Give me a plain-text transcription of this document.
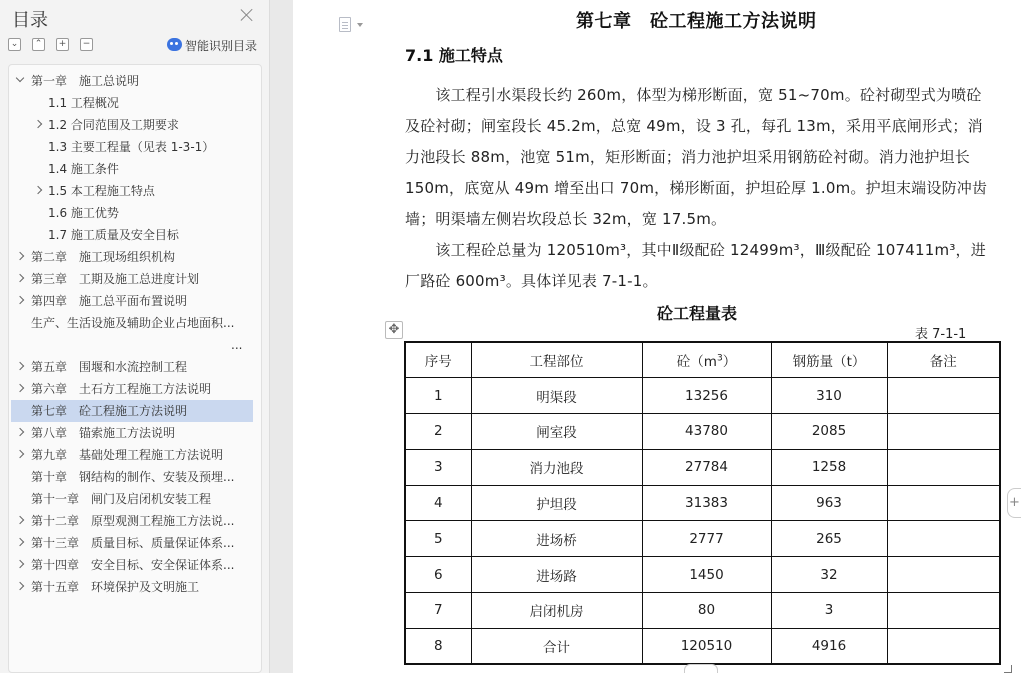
目录
⌄	⌃	+	−	智能识别目录
第一章　施工总说明
1.1 工程概况
1.2 合同范围及工期要求
1.3 主要工程量（见表 1-3-1）
1.4 施工条件
1.5 本工程施工特点
1.6 施工优势
1.7 施工质量及安全目标
第二章　施工现场组织机构
第三章　工期及施工总进度计划
第四章　施工总平面布置说明
生产、生活设施及辅助企业占地面积...
...
第五章　围堰和水流控制工程
第六章　土石方工程施工方法说明
第七章　砼工程施工方法说明
第八章　锚索施工方法说明
第九章　基础处理工程施工方法说明
第十章　钢结构的制作、安装及预埋...
第十一章　闸门及启闭机安装工程
第十二章　原型观测工程施工方法说...
第十三章　质量目标、质量保证体系...
第十四章　安全目标、安全保证体系...
第十五章　环境保护及文明施工
第七章　砼工程施工方法说明
7.1 施工特点
　　该工程引水渠段长约 260m，体型为梯形断面，宽 51~70m。砼衬砌型式为喷砼
及砼衬砌；闸室段长 45.2m，总宽 49m，设 3 孔，每孔 13m，采用平底闸形式；消
力池段长 88m，池宽 51m，矩形断面；消力池护坦采用钢筋砼衬砌。消力池护坦长
150m，底宽从 49m 增至出口 70m，梯形断面，护坦砼厚 1.0m。护坦末端设防冲齿
墙；明渠墙左侧岩坎段总长 32m，宽 17.5m。
　　该工程砼总量为 120510m³，其中Ⅱ级配砼 12499m³，Ⅲ级配砼 107411m³，进
厂路砼 600m³。具体详见表 7-1-1。
砼工程量表
表 7-1-1
✥
序号	工程部位	砼$(m^3)$	钢筋量（t）	备注
1	明渠段	13256	310	
2	闸室段	43780	2085	
3	消力池段	27784	1258	
4	护坦段	31383	963	
5	进场桥	2777	265	
6	进场路	1450	32	
7	启闭机房	80	3	
8	合计	120510	4916	
+
